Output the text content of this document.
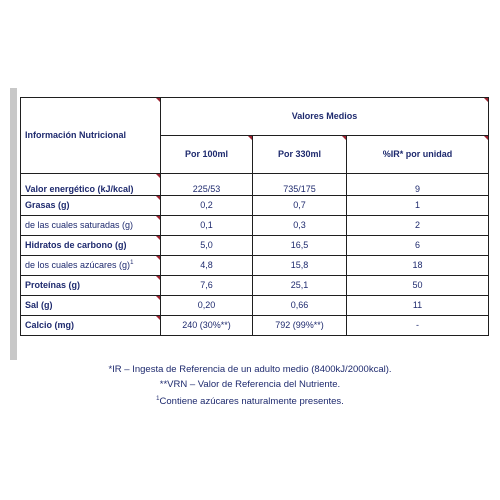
Información Nutricional	Valores Medios		
	Por 100ml	Por 330ml	%IR* por unidad
Valor energético (kJ/kcal)	225/53	735/175	9
Grasas (g)	0,2	0,7	1
de las cuales saturadas (g)	0,1	0,3	2
Hidratos de carbono (g)	5,0	16,5	6
de los cuales azúcares $(g)^1$	4,8	15,8	18
Proteínas (g)	7,6	25,1	50
Sal (g)	0,20	0,66	11
Calcio (mg)	240 (30%**)	792 (99%**)	-
*IR – Ingesta de Referencia de un adulto medio (8400kJ/2000kcal).
**VRN – Valor de Referencia del Nutriente.
$^1$Contiene azúcares naturalmente presentes.
